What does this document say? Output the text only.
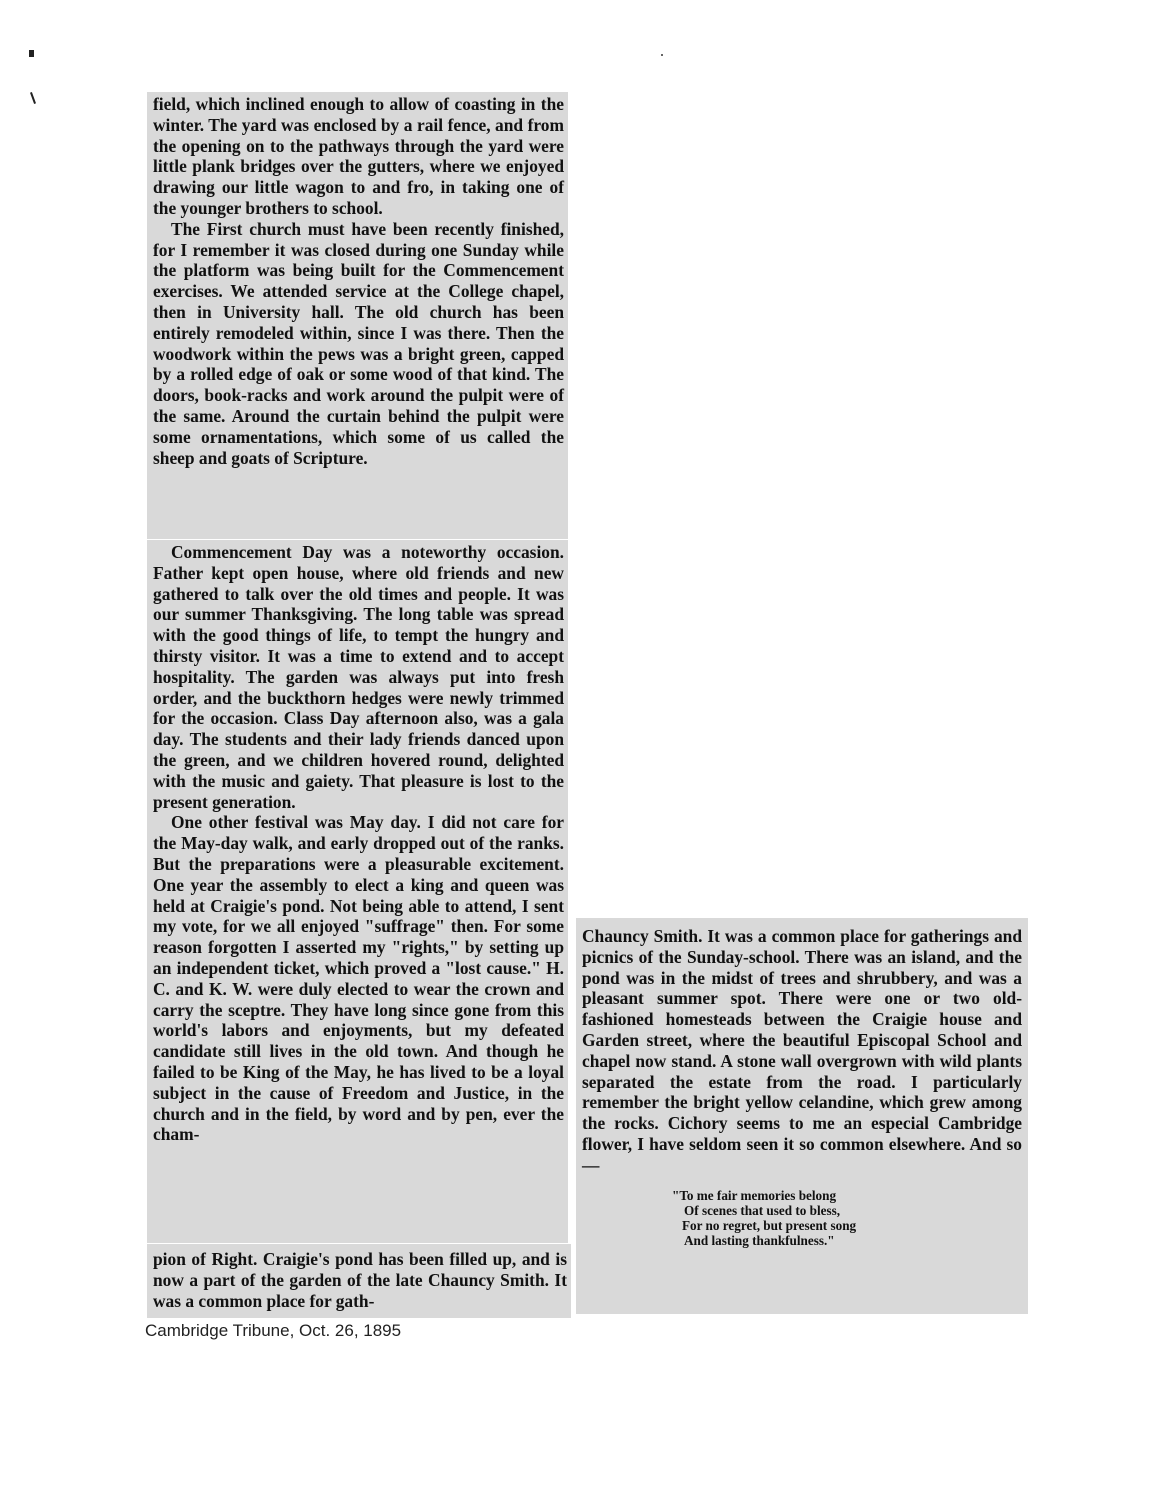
field, which inclined enough to allow of coasting in the winter. The yard was enclosed by a rail fence, and from the opening on to the pathways through the yard were little plank bridges over the gutters, where we enjoyed drawing our little wagon to and fro, in taking one of the younger brothers to school.

The First church must have been recently finished, for I remember it was closed during one Sunday while the platform was being built for the Commencement exercises. We attended service at the College chapel, then in University hall. The old church has been entirely remodeled within, since I was there. Then the woodwork within the pews was a bright green, capped by a rolled edge of oak or some wood of that kind. The doors, book-racks and work around the pulpit were of the same. Around the curtain behind the pulpit were some ornamentations, which some of us called the sheep and goats of Scripture.

Commencement Day was a noteworthy occasion. Father kept open house, where old friends and new gathered to talk over the old times and people. It was our summer Thanksgiving. The long table was spread with the good things of life, to tempt the hungry and thirsty visitor. It was a time to extend and to accept hospitality. The garden was always put into fresh order, and the buckthorn hedges were newly trimmed for the occasion. Class Day afternoon also, was a gala day. The students and their lady friends danced upon the green, and we children hovered round, delighted with the music and gaiety. That pleasure is lost to the present generation.

One other festival was May day. I did not care for the May-day walk, and early dropped out of the ranks. But the preparations were a pleasurable excitement. One year the assembly to elect a king and queen was held at Craigie's pond. Not being able to attend, I sent my vote, for we all enjoyed "suffrage" then. For some reason forgotten I asserted my "rights," by setting up an independent ticket, which proved a "lost cause." H. C. and K. W. were duly elected to wear the crown and carry the sceptre. They have long since gone from this world's labors and enjoyments, but my defeated candidate still lives in the old town. And though he failed to be King of the May, he has lived to be a loyal subject in the cause of Freedom and Justice, in the church and in the field, by word and by pen, ever the cham-

pion of Right. Craigie's pond has been filled up, and is now a part of the garden of the late Chauncy Smith. It was a common place for gath-

Chauncy Smith. It was a common place for gatherings and picnics of the Sunday-school. There was an island, and the pond was in the midst of trees and shrubbery, and was a pleasant summer spot. There were one or two old-fashioned homesteads between the Craigie house and Garden street, where the beautiful Episcopal School and chapel now stand. A stone wall overgrown with wild plants separated the estate from the road. I particularly remember the bright yellow celandine, which grew among the rocks. Cichory seems to me an especial Cambridge flower, I have seldom seen it so common elsewhere. And so—

"To me fair memories belong
Of scenes that used to bless,
For no regret, but present song
And lasting thankfulness."
Cambridge Tribune, Oct. 26, 1895
